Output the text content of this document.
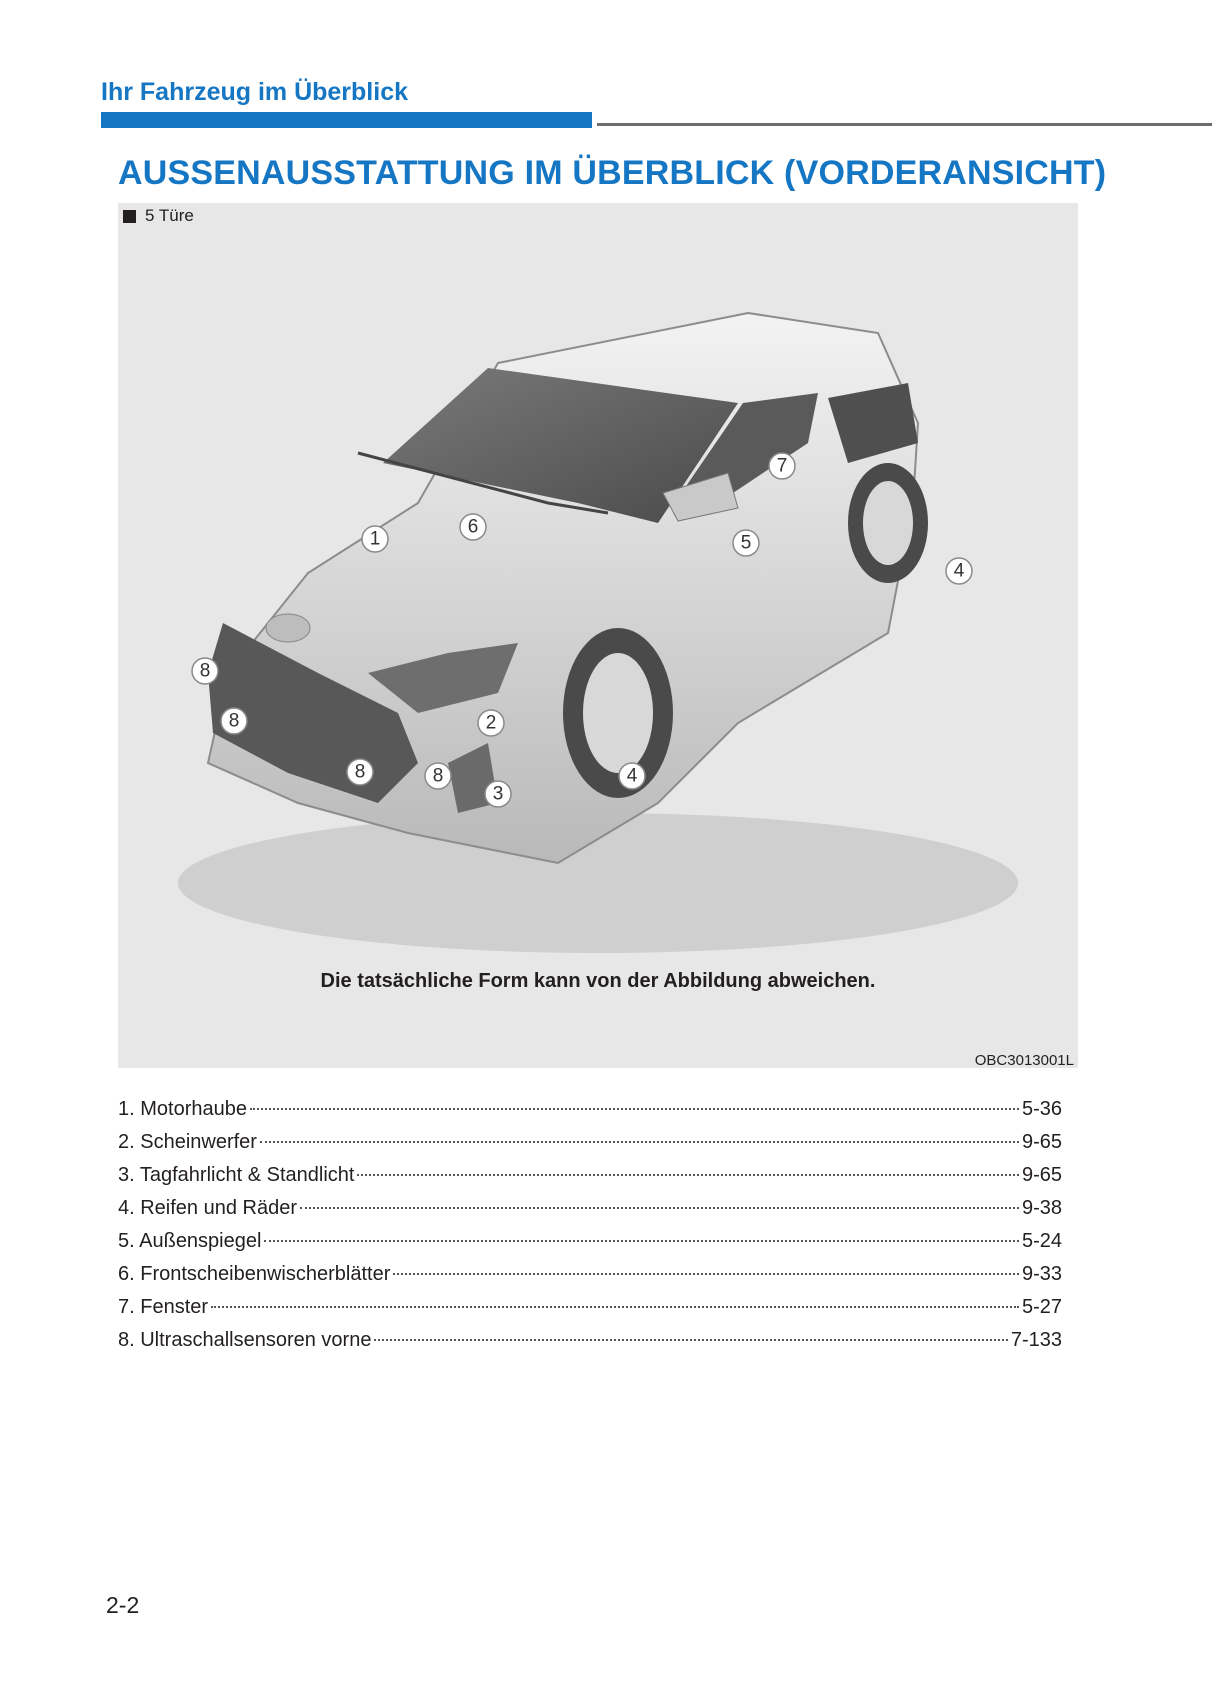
Ihr Fahrzeug im Überblick
AUSSENAUSSTATTUNG IM ÜBERBLICK (VORDERANSICHT)
5 Türe
1
2
3
4
4
5
6
7
8
8
8	8
Die tatsächliche Form kann von der Abbildung abweichen.
OBC3013001L
1. Motorhaube	5-36
2. Scheinwerfer	9-65
3. Tagfahrlicht & Standlicht	9-65
4. Reifen und Räder	9-38
5. Außenspiegel	5-24
6. Frontscheibenwischerblätter	9-33
7. Fenster	5-27
8. Ultraschallsensoren vorne	7-133
2-2
